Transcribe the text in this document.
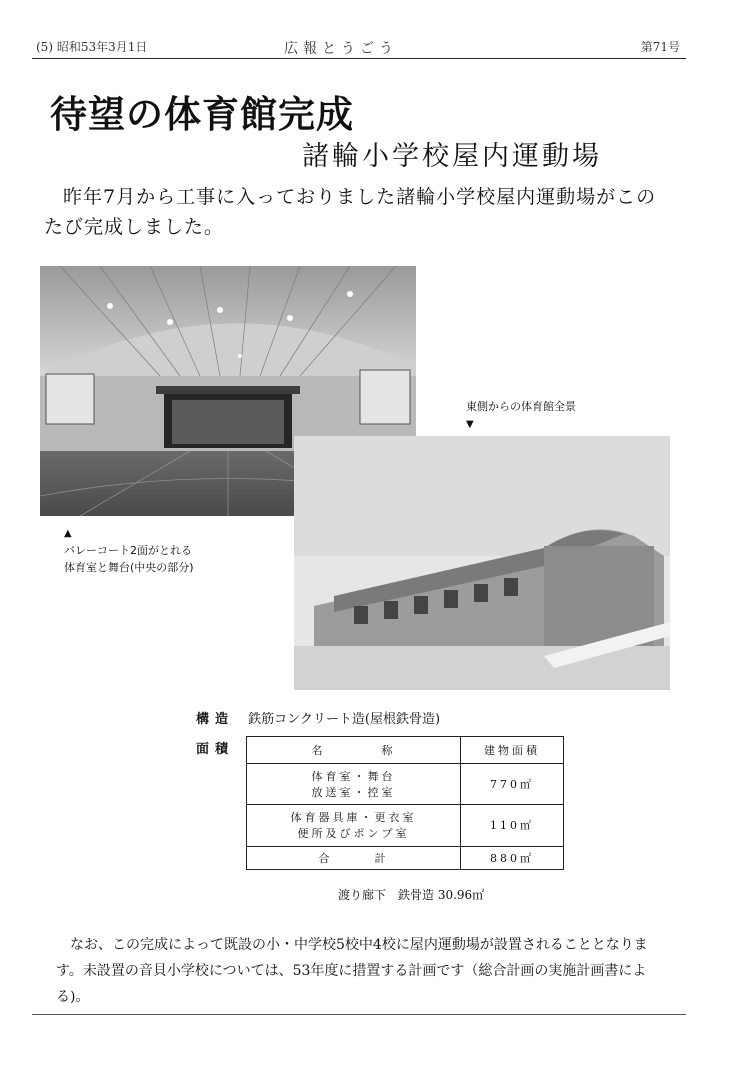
(5) 昭和53年3月1日	広報とうごう	第71号
待望の体育館完成
諸輪小学校屋内運動場
昨年7月から工事に入っておりました諸輪小学校屋内運動場がこのたび完成しました。
▲
バレーコート2面がとれる
体育室と舞台(中央の部分)
東側からの体育館全景
▼
構造 鉄筋コンクリート造(屋根鉄骨造)
面積	名　　　　称	建物面積

体育室・舞台
放送室・控室	770㎡

体育器具庫・更衣室
便所及びポンプ室	110㎡
合　　　計	880㎡
渡り廊下　鉄骨造 30.96㎡
なお、この完成によって既設の小・中学校5校中4校に屋内運動場が設置されることとなります。未設置の音貝小学校については、53年度に措置する計画です（総合計画の実施計画書による)。
